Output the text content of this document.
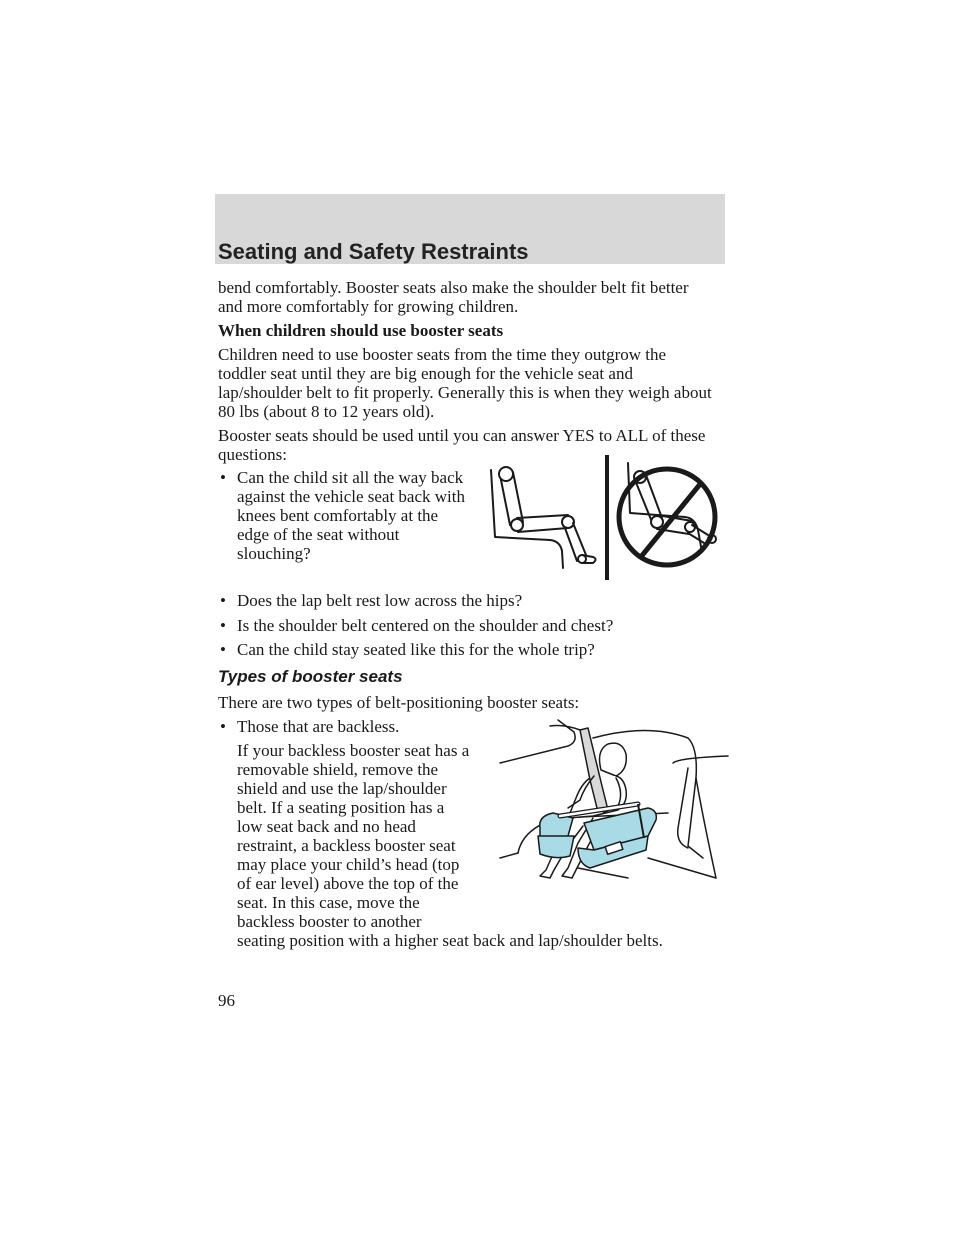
Seating and Safety Restraints

bend comfortably. Booster seats also make the shoulder belt fit better

and more comfortably for growing children.

When children should use booster seats

Children need to use booster seats from the time they outgrow the

toddler seat until they are big enough for the vehicle seat and

lap/shoulder belt to fit properly. Generally this is when they weigh about

80 lbs (about 8 to 12 years old).

Booster seats should be used until you can answer YES to ALL of these

questions:

• Can the child sit all the way back

against the vehicle seat back with

knees bent comfortably at the

edge of the seat without

slouching?

• Does the lap belt rest low across the hips?

• Is the shoulder belt centered on the shoulder and chest?

• Can the child stay seated like this for the whole trip?

Types of booster seats

There are two types of belt-positioning booster seats:

• Those that are backless.

If your backless booster seat has a

removable shield, remove the

shield and use the lap/shoulder

belt. If a seating position has a

low seat back and no head

restraint, a backless booster seat

may place your child’s head (top

of ear level) above the top of the

seat. In this case, move the

backless booster to another

seating position with a higher seat back and lap/shoulder belts.

96
